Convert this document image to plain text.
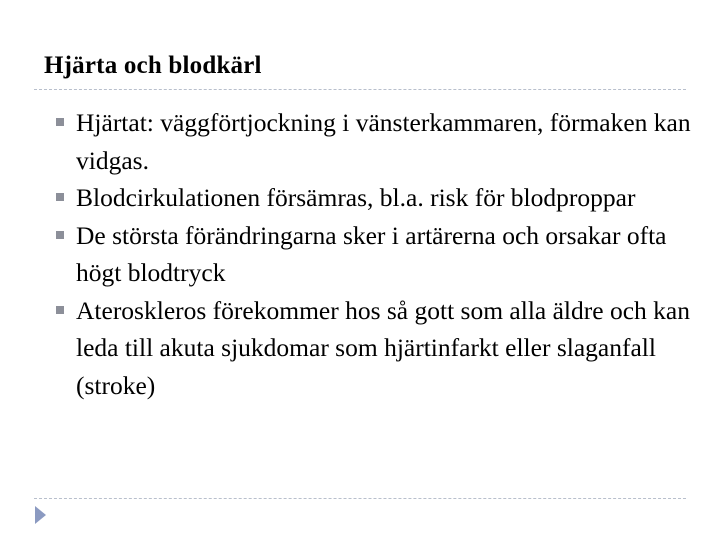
Hjärta och blodkärl
Hjärtat: väggförtjockning i vänsterkammaren, förmaken kan vidgas.
Blodcirkulationen försämras, bl.a. risk för blodproppar
De största förändringarna sker i artärerna och orsakar ofta högt blodtryck
Ateroskleros förekommer hos så gott som alla äldre och kan leda till akuta sjukdomar som hjärtinfarkt eller slaganfall (stroke)
